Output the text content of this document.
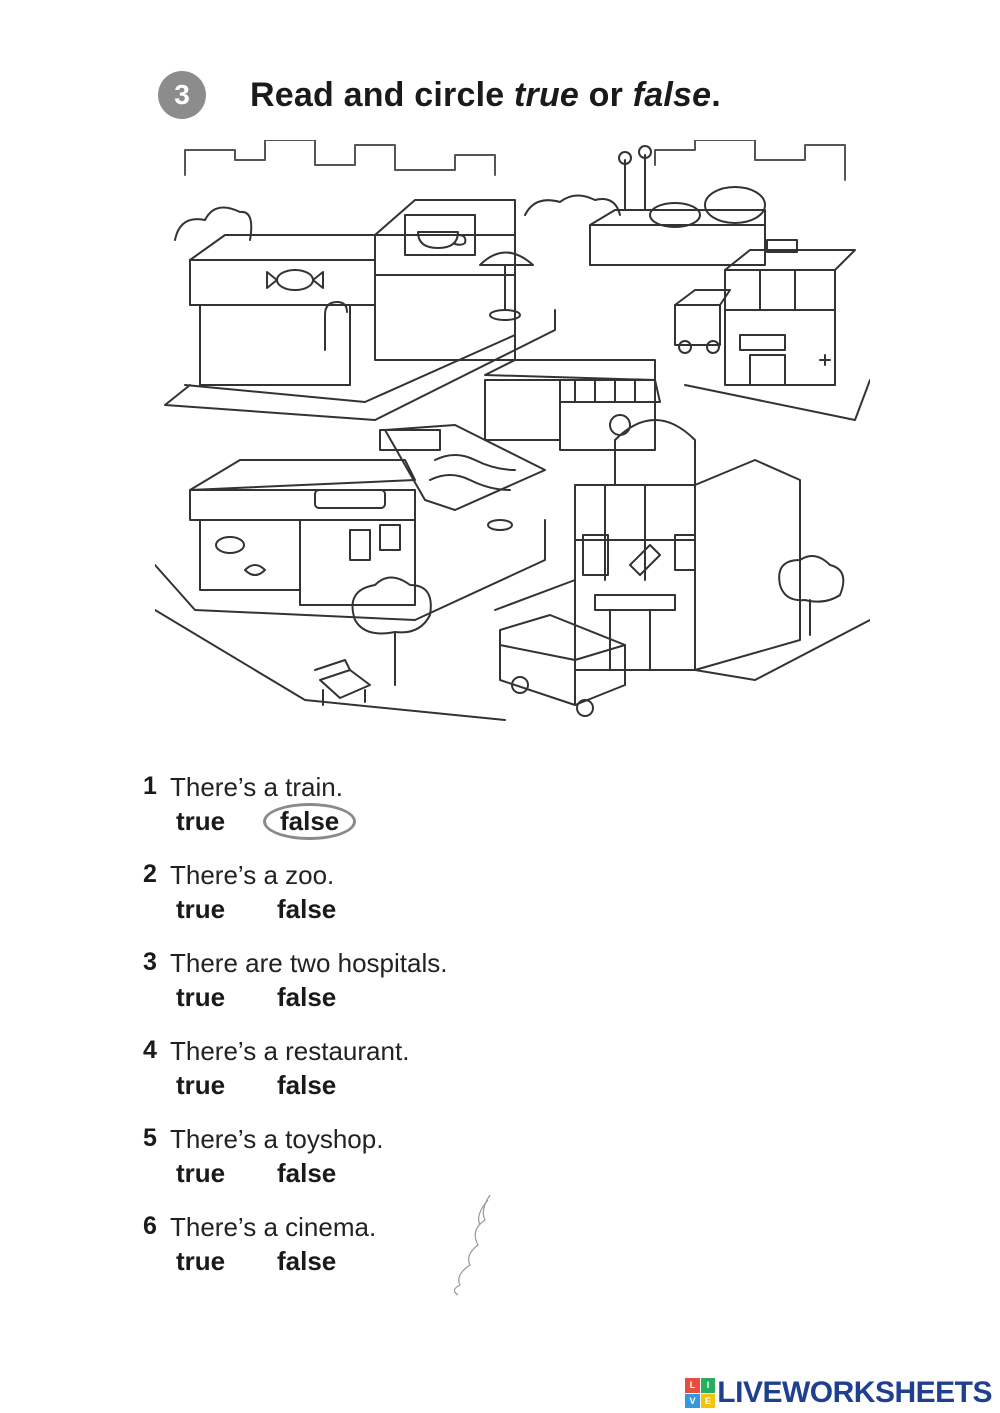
3	Read and circle true or false.
1 There’s a train.
true	false
2 There’s a zoo.
true false
3 There are two hospitals.
true false
4 There’s a restaurant.
true false
5 There’s a toyshop.
true false
6 There’s a cinema.
true false
L	I
V	E LIVEWORKSHEETS
